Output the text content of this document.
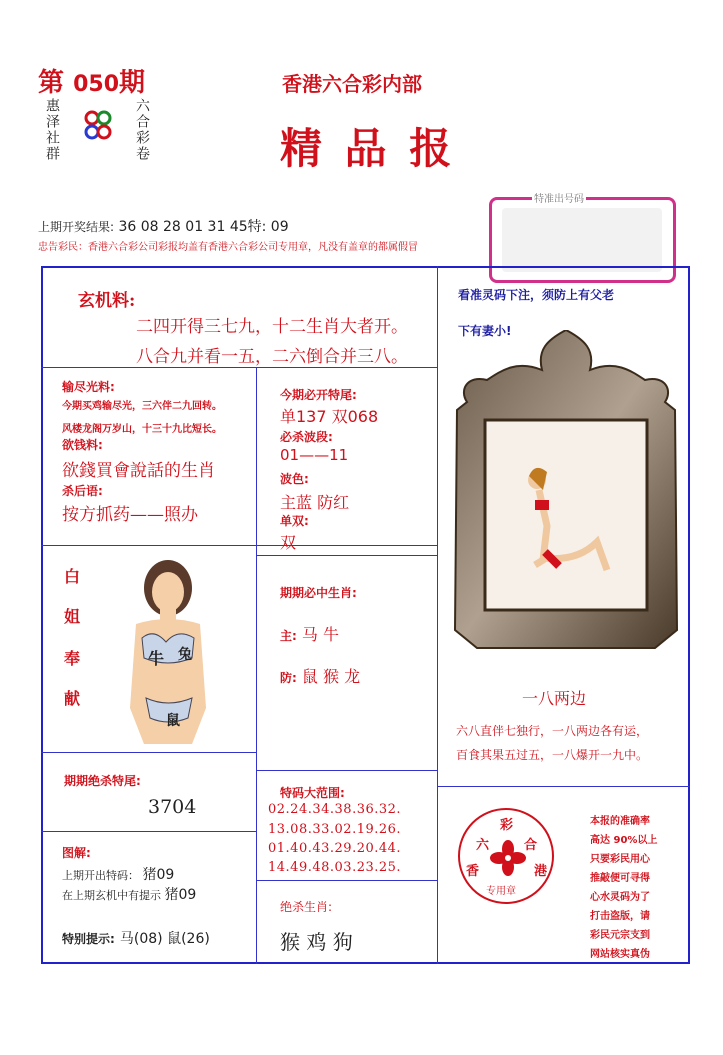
第 050期
惠泽社群	六合彩卷
香港六合彩内部
精 品 报
上期开奖结果: 36 08 28 01 31 45特: 09
忠告彩民：香港六合彩公司彩报均盖有香港六合彩公司专用章，凡没有盖章的都属假冒
特准出号码
玄机料:
二四开得三七九，十二生肖大者开。
八合九并看一五，二六倒合并三八。
看准灵码下注，须防上有父老
下有妻小!
输尽光料:
今期买鸡输尽光，三六伴二九回转。
风楼龙阁万岁山，十三十九比短长。
欲钱料:
欲錢買會說話的生肖
杀后语:
按方抓药——照办
今期必开特尾:
单137 双068
必杀波段:
01——11
波色:
主蓝 防红
单双:
双
白
姐
奉
献
牛 兔
鼠
期期必中生肖:
主: 马 牛
防: 鼠 猴 龙
一八两边
六八直伴七独行，一八两边各有运，
百食其果五过五，一八爆开一九中。
期期绝杀特尾:
3704
特码大范围:
02.24.34.38.36.32.
13.08.33.02.19.26.
01.40.43.29.20.44.
14.49.48.03.23.25.
图解:
上期开出特码： 猪09
在上期玄机中有提示 猪09
特别提示: 马(08) 鼠(26)
绝杀生肖:
猴 鸡 狗
彩
六	合
香	港
专用章
本报的准确率
高达 90%以上
只要彩民用心
推敲便可寻得
心水灵码为了
打击盗版，请
彩民元宗支到
网站核实真伪
